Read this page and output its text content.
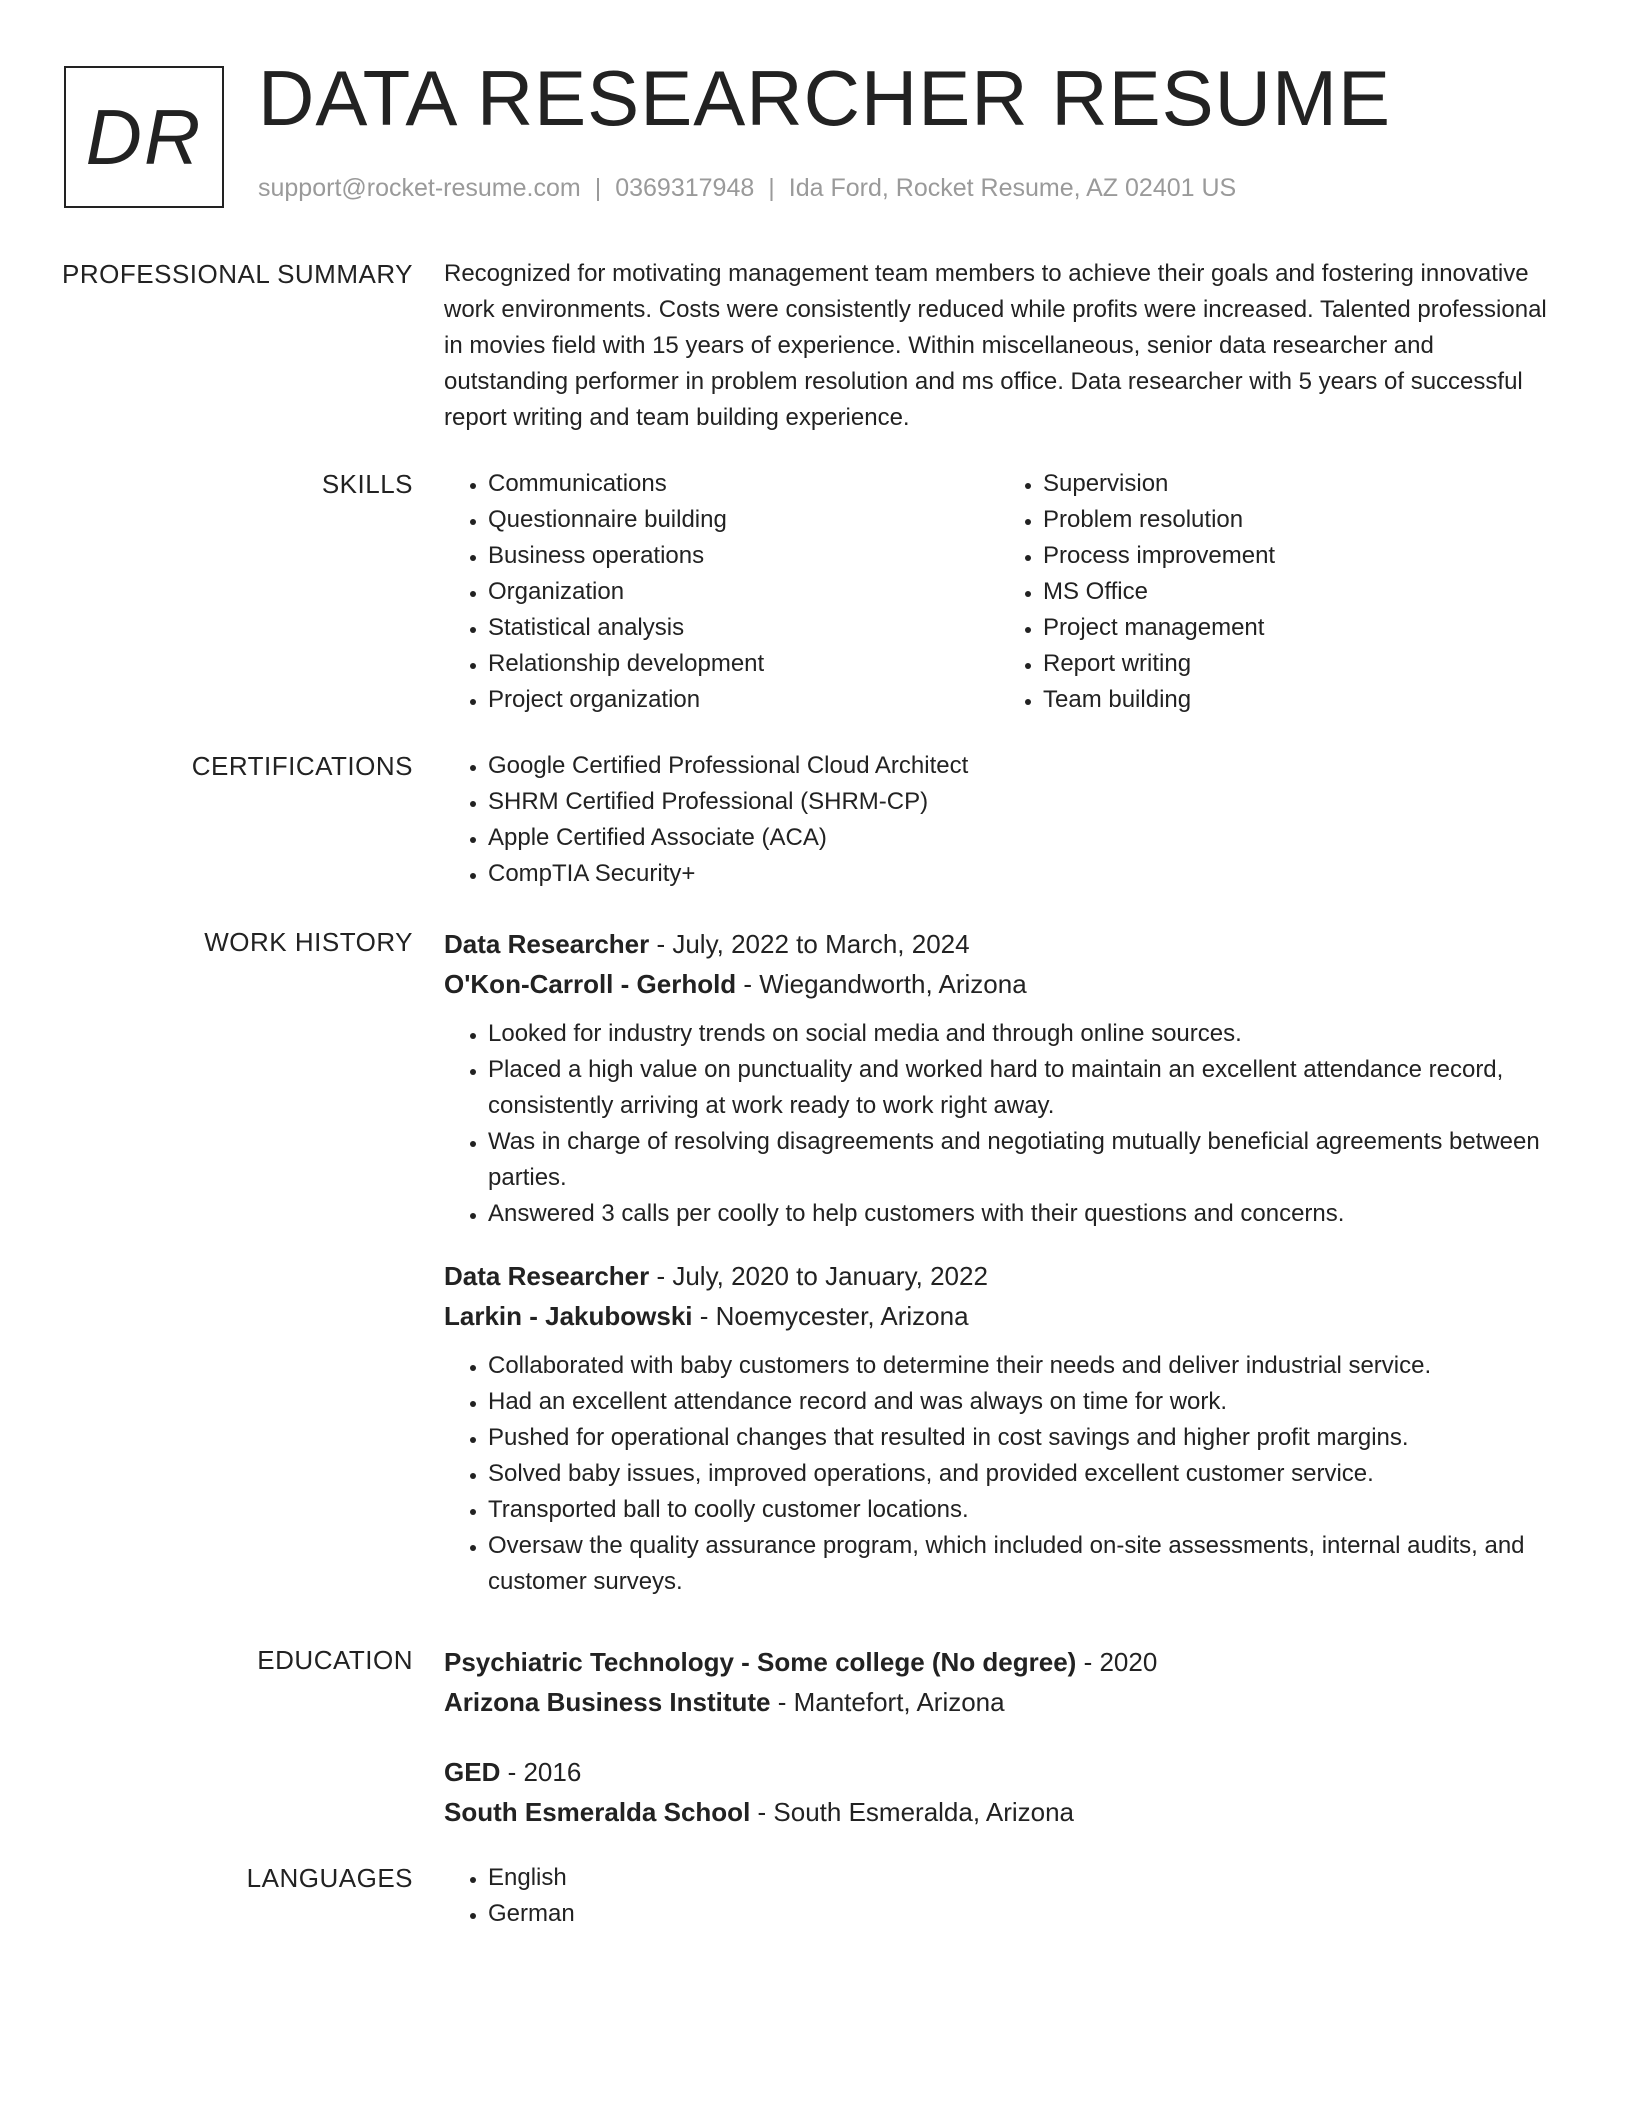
DR DATA RESEARCHER RESUME
support@rocket-resume.com | 0369317948 | Ida Ford, Rocket Resume, AZ 02401 US
PROFESSIONAL SUMMARY Recognized for motivating management team members to achieve their goals and fostering innovative work environments. Costs were consistently reduced while profits were increased. Talented professional in movies field with 15 years of experience. Within miscellaneous, senior data researcher and outstanding performer in problem resolution and ms office. Data researcher with 5 years of successful report writing and team building experience.

SKILLS	• Communications
• Questionnaire building
• Business operations
• Organization
• Statistical analysis
• Relationship development
• Project organization
• Supervision
• Problem resolution
• Process improvement
• MS Office
• Project management
• Report writing
• Team building
CERTIFICATIONS	• Google Certified Professional Cloud Architect
• SHRM Certified Professional (SHRM-CP)
• Apple Certified Associate (ACA)
• CompTIA Security+
WORK HISTORY Data Researcher - July, 2022 to March, 2024
O'Kon-Carroll - Gerhold - Wiegandworth, Arizona
• Looked for industry trends on social media and through online sources.
• Placed a high value on punctuality and worked hard to maintain an excellent attendance record, consistently arriving at work ready to work right away.
• Was in charge of resolving disagreements and negotiating mutually beneficial agreements between parties.
• Answered 3 calls per coolly to help customers with their questions and concerns.
Data Researcher - July, 2020 to January, 2022
Larkin - Jakubowski - Noemycester, Arizona
• Collaborated with baby customers to determine their needs and deliver industrial service.
• Had an excellent attendance record and was always on time for work.
• Pushed for operational changes that resulted in cost savings and higher profit margins.
• Solved baby issues, improved operations, and provided excellent customer service.
• Transported ball to coolly customer locations.
• Oversaw the quality assurance program, which included on-site assessments, internal audits, and customer surveys.
EDUCATION Psychiatric Technology - Some college (No degree) - 2020
Arizona Business Institute - Mantefort, Arizona
GED - 2016
South Esmeralda School - South Esmeralda, Arizona
LANGUAGES	• English
• German
